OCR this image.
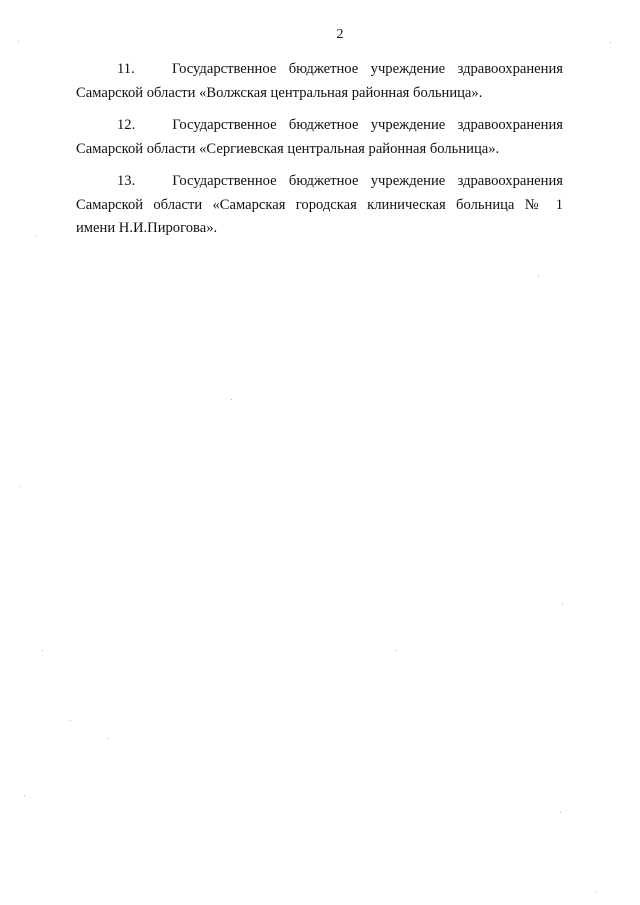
2

11.	Государственное бюджетное учреждение здравоохранения
Самарской области «Волжская центральная районная больница».

12.	Государственное бюджетное учреждение здравоохранения
Самарской области «Сергиевская центральная районная больница».

13.	Государственное бюджетное учреждение здравоохранения
Самарской области «Самарская городская клиническая больница № 1
имени Н.И.Пирогова».
